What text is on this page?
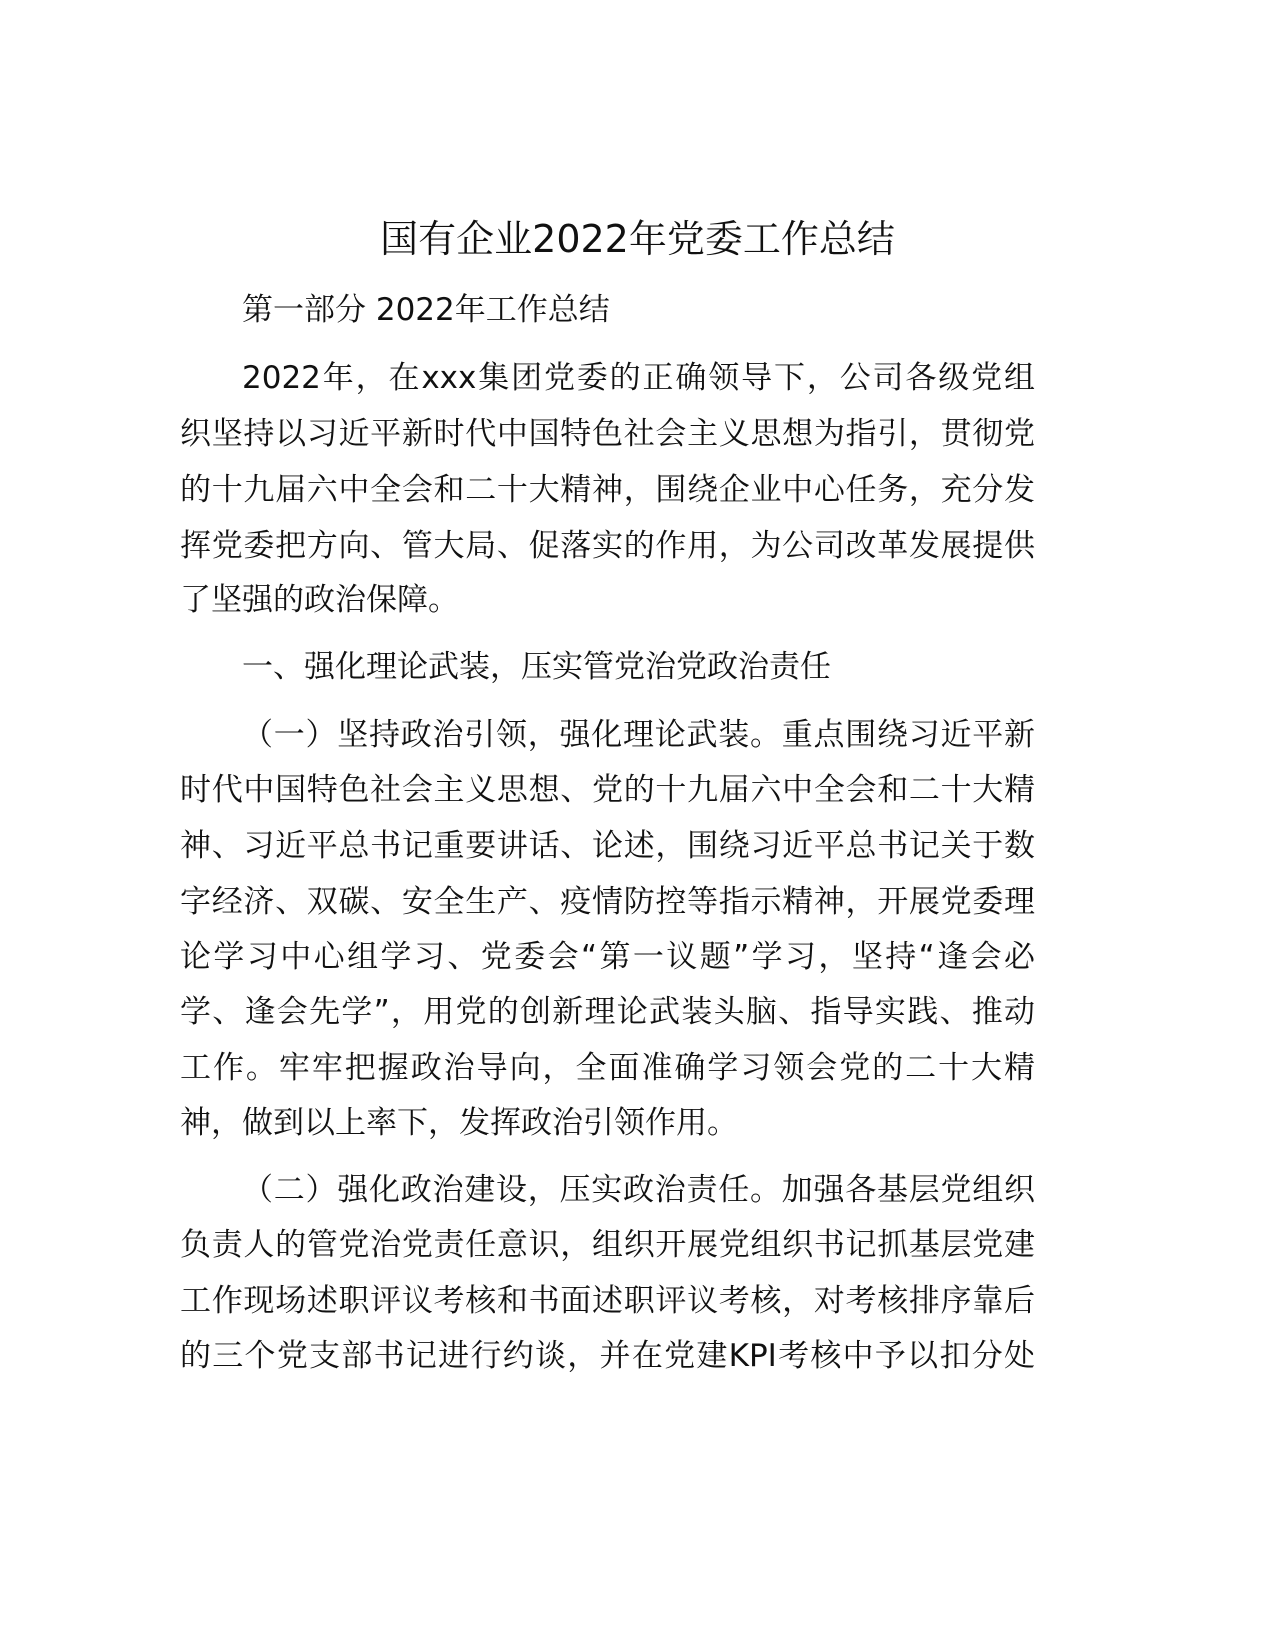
国有企业2022年党委工作总结
第一部分 2022年工作总结
2022年，在xxx集团党委的正确领导下，公司各级党组
织坚持以习近平新时代中国特色社会主义思想为指引，贯彻党
的十九届六中全会和二十大精神，围绕企业中心任务，充分发
挥党委把方向、管大局、促落实的作用，为公司改革发展提供
了坚强的政治保障。
一、强化理论武装，压实管党治党政治责任
（一）坚持政治引领，强化理论武装。重点围绕习近平新
时代中国特色社会主义思想、党的十九届六中全会和二十大精
神、习近平总书记重要讲话、论述，围绕习近平总书记关于数
字经济、双碳、安全生产、疫情防控等指示精神，开展党委理
论学习中心组学习、党委会“第一议题”学习，坚持“逢会必
学、逢会先学”，用党的创新理论武装头脑、指导实践、推动
工作。牢牢把握政治导向，全面准确学习领会党的二十大精
神，做到以上率下，发挥政治引领作用。
（二）强化政治建设，压实政治责任。加强各基层党组织
负责人的管党治党责任意识，组织开展党组织书记抓基层党建
工作现场述职评议考核和书面述职评议考核，对考核排序靠后
的三个党支部书记进行约谈，并在党建KPI考核中予以扣分处
